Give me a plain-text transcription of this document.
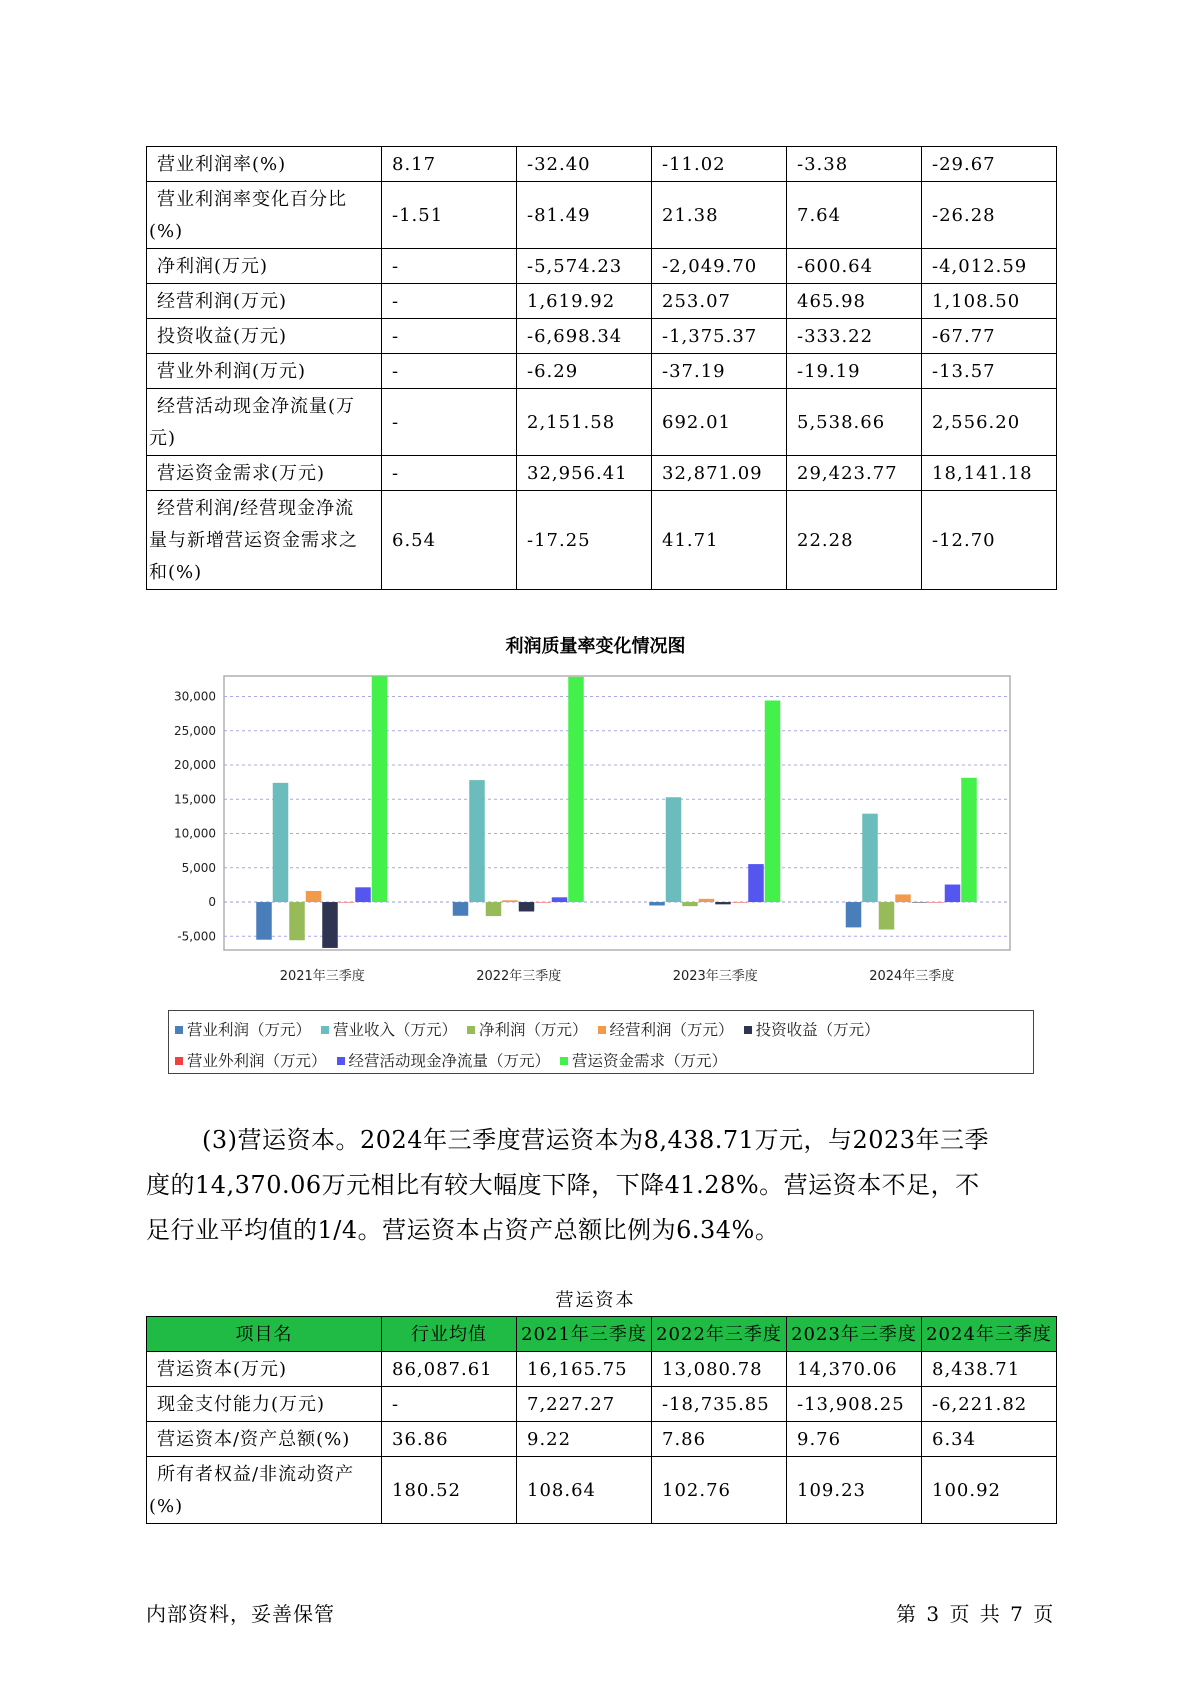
营业利润率(%)	8.17	-32.40	-11.02	-3.38	-29.67
营业利润率变化百分比
(%)	-1.51	-81.49	21.38	7.64	-26.28
净利润(万元)	-	-5,574.23	-2,049.70	-600.64	-4,012.59
经营利润(万元)	-	1,619.92	253.07	465.98	1,108.50
投资收益(万元)	-	-6,698.34	-1,375.37	-333.22	-67.77
营业外利润(万元)	-	-6.29	-37.19	-19.19	-13.57
经营活动现金净流量(万
元)	-	2,151.58	692.01	5,538.66	2,556.20
营运资金需求(万元)	-	32,956.41	32,871.09	29,423.77	18,141.18
经营利润/经营现金净流
量与新增营运资金需求之
和(%)	6.54	-17.25	41.71	22.28	-12.70
利润质量率变化情况图
30,000
25,000
20,000
15,000
10,000
5,000
0
-5,000
2021年三季度	2022年三季度	2023年三季度	2024年三季度
营业利润（万元） 营业收入（万元） 净利润（万元） 经营利润（万元） 投资收益（万元）
营业外利润（万元） 经营活动现金净流量（万元） 营运资金需求（万元）

(3)营运资本。2024年三季度营运资本为8,438.71万元，与2023年三季

度的14,370.06万元相比有较大幅度下降，下降41.28%。营运资本不足，不

足行业平均值的1/4。营运资本占资产总额比例为6.34%。

营运资本
项目名	行业均值	2021年三季度	2022年三季度	2023年三季度	2024年三季度
营运资本(万元)	86,087.61	16,165.75	13,080.78	14,370.06	8,438.71
现金支付能力(万元)	-	7,227.27	-18,735.85	-13,908.25	-6,221.82
营运资本/资产总额(%)	36.86	9.22	7.86	9.76	6.34
所有者权益/非流动资产
(%)	180.52	108.64	102.76	109.23	100.92
内部资料，妥善保管	第 3 页 共 7 页
